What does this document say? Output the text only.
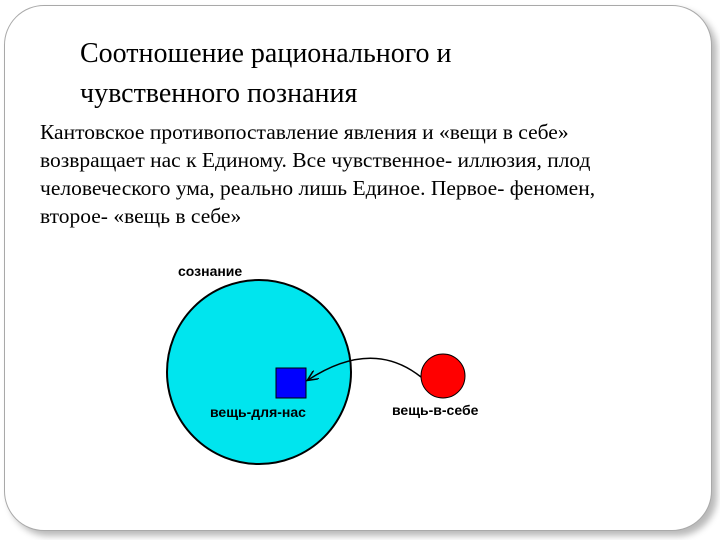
Соотношение рационального и
чувственного познания
Кантовское противопоставление явления и «вещи в себе» возвращает нас к Единому. Все чувственное- иллюзия, плод человеческого ума, реально лишь Единое. Первое- феномен, второе- «вещь в себе»
сознание
вещь-для-нас	вещь-в-себе
